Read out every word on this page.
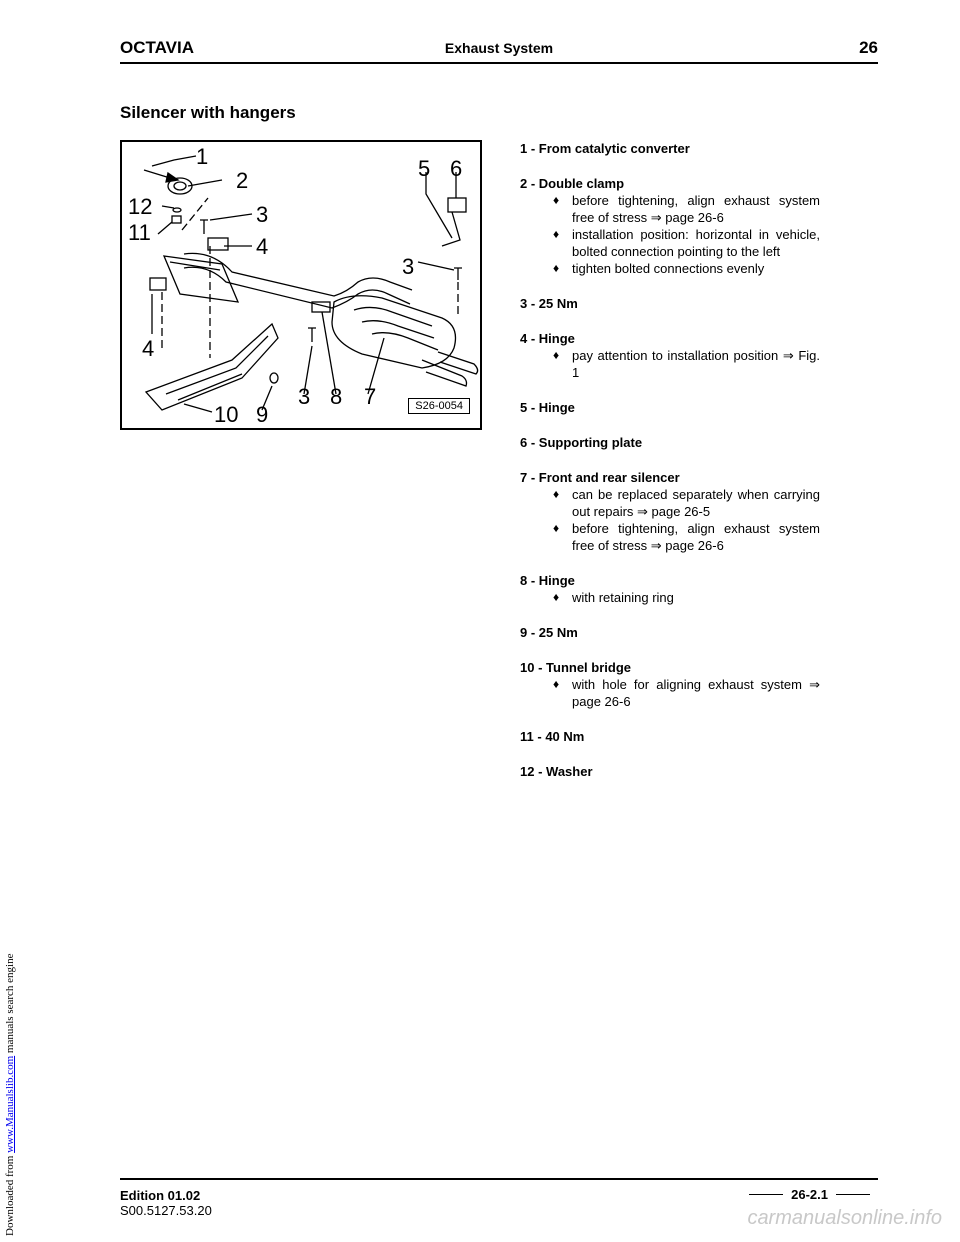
Downloaded from www.Manualslib.com manuals search engine
OCTAVIA	Exhaust System	26
Silencer with hangers
1
2
12	3
11
4
5 6
3
4
3 8 7
10 9	S26-0054
1 - From catalytic converter
2 - Double clamp
♦ before tightening, align exhaust system free of stress ⇒ page 26-6
♦ installation position: horizontal in vehicle, bolted connection pointing to the left
♦ tighten bolted connections evenly
3 - 25 Nm
4 - Hinge
♦ pay attention to installation position ⇒ Fig. 1
5 - Hinge
6 - Supporting plate
7 - Front and rear silencer
♦ can be replaced separately when carrying out repairs ⇒ page 26-5
♦ before tightening, align exhaust system free of stress ⇒ page 26-6
8 - Hinge
♦ with retaining ring
9 - 25 Nm
10 - Tunnel bridge
♦ with hole for aligning exhaust system ⇒ page 26-6
11 - 40 Nm
12 - Washer
Edition 01.02
S00.5127.53.20
26-2.1
carmanualsonline.info
